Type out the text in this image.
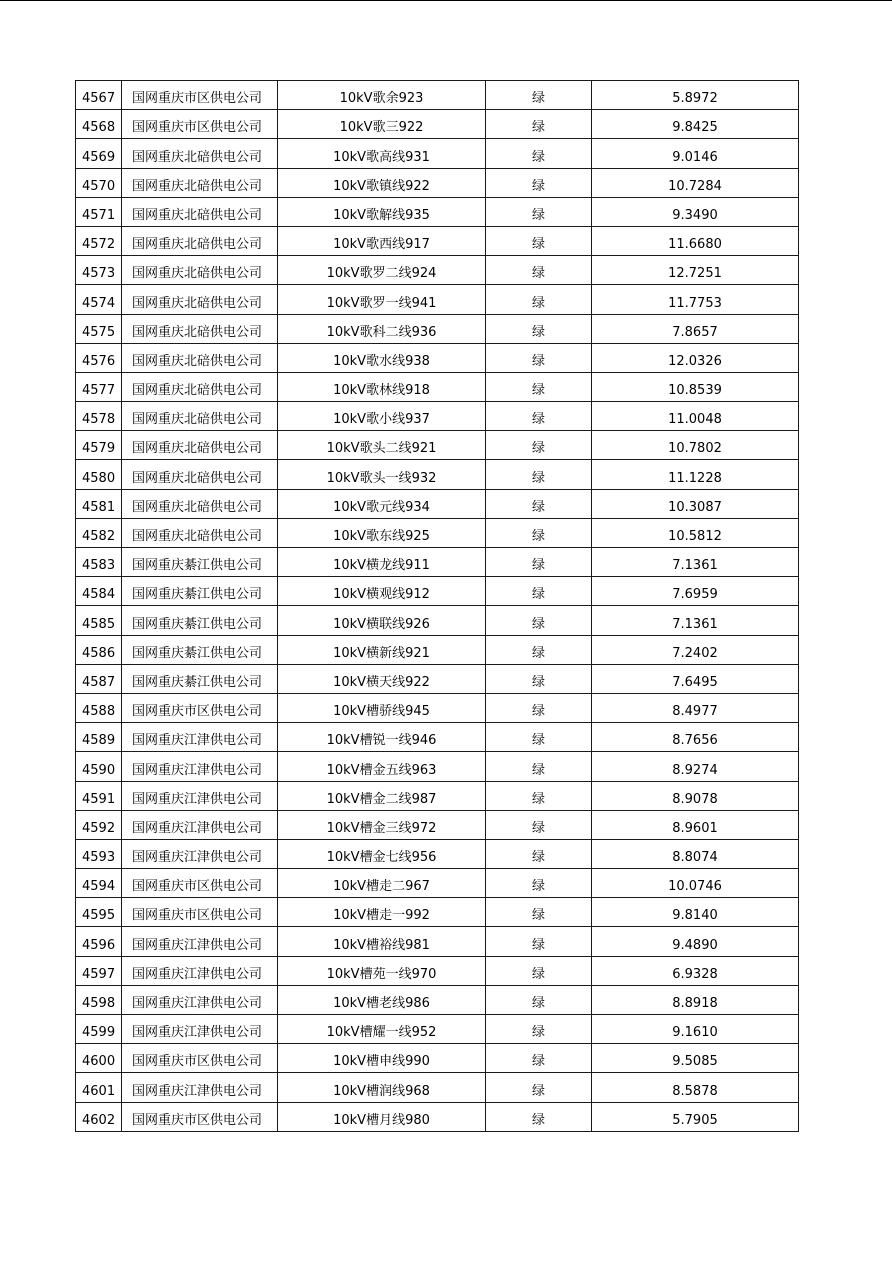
4567	国网重庆市区供电公司	10kV歌余923	绿	5.8972
4568	国网重庆市区供电公司	10kV歌三922	绿	9.8425
4569	国网重庆北碚供电公司	10kV歌高线931	绿	9.0146
4570	国网重庆北碚供电公司	10kV歌镇线922	绿	10.7284
4571	国网重庆北碚供电公司	10kV歌解线935	绿	9.3490
4572	国网重庆北碚供电公司	10kV歌西线917	绿	11.6680
4573	国网重庆北碚供电公司	10kV歌罗二线924	绿	12.7251
4574	国网重庆北碚供电公司	10kV歌罗一线941	绿	11.7753
4575	国网重庆北碚供电公司	10kV歌科二线936	绿	7.8657
4576	国网重庆北碚供电公司	10kV歌水线938	绿	12.0326
4577	国网重庆北碚供电公司	10kV歌林线918	绿	10.8539
4578	国网重庆北碚供电公司	10kV歌小线937	绿	11.0048
4579	国网重庆北碚供电公司	10kV歌头二线921	绿	10.7802
4580	国网重庆北碚供电公司	10kV歌头一线932	绿	11.1228
4581	国网重庆北碚供电公司	10kV歌元线934	绿	10.3087
4582	国网重庆北碚供电公司	10kV歌东线925	绿	10.5812
4583	国网重庆綦江供电公司	10kV横龙线911	绿	7.1361
4584	国网重庆綦江供电公司	10kV横观线912	绿	7.6959
4585	国网重庆綦江供电公司	10kV横联线926	绿	7.1361
4586	国网重庆綦江供电公司	10kV横新线921	绿	7.2402
4587	国网重庆綦江供电公司	10kV横天线922	绿	7.6495
4588	国网重庆市区供电公司	10kV槽骄线945	绿	8.4977
4589	国网重庆江津供电公司	10kV槽锐一线946	绿	8.7656
4590	国网重庆江津供电公司	10kV槽金五线963	绿	8.9274
4591	国网重庆江津供电公司	10kV槽金二线987	绿	8.9078
4592	国网重庆江津供电公司	10kV槽金三线972	绿	8.9601
4593	国网重庆江津供电公司	10kV槽金七线956	绿	8.8074
4594	国网重庆市区供电公司	10kV槽走二967	绿	10.0746
4595	国网重庆市区供电公司	10kV槽走一992	绿	9.8140
4596	国网重庆江津供电公司	10kV槽裕线981	绿	9.4890
4597	国网重庆江津供电公司	10kV槽苑一线970	绿	6.9328
4598	国网重庆江津供电公司	10kV槽老线986	绿	8.8918
4599	国网重庆江津供电公司	10kV槽耀一线952	绿	9.1610
4600	国网重庆市区供电公司	10kV槽申线990	绿	9.5085
4601	国网重庆江津供电公司	10kV槽润线968	绿	8.5878
4602	国网重庆市区供电公司	10kV槽月线980	绿	5.7905
